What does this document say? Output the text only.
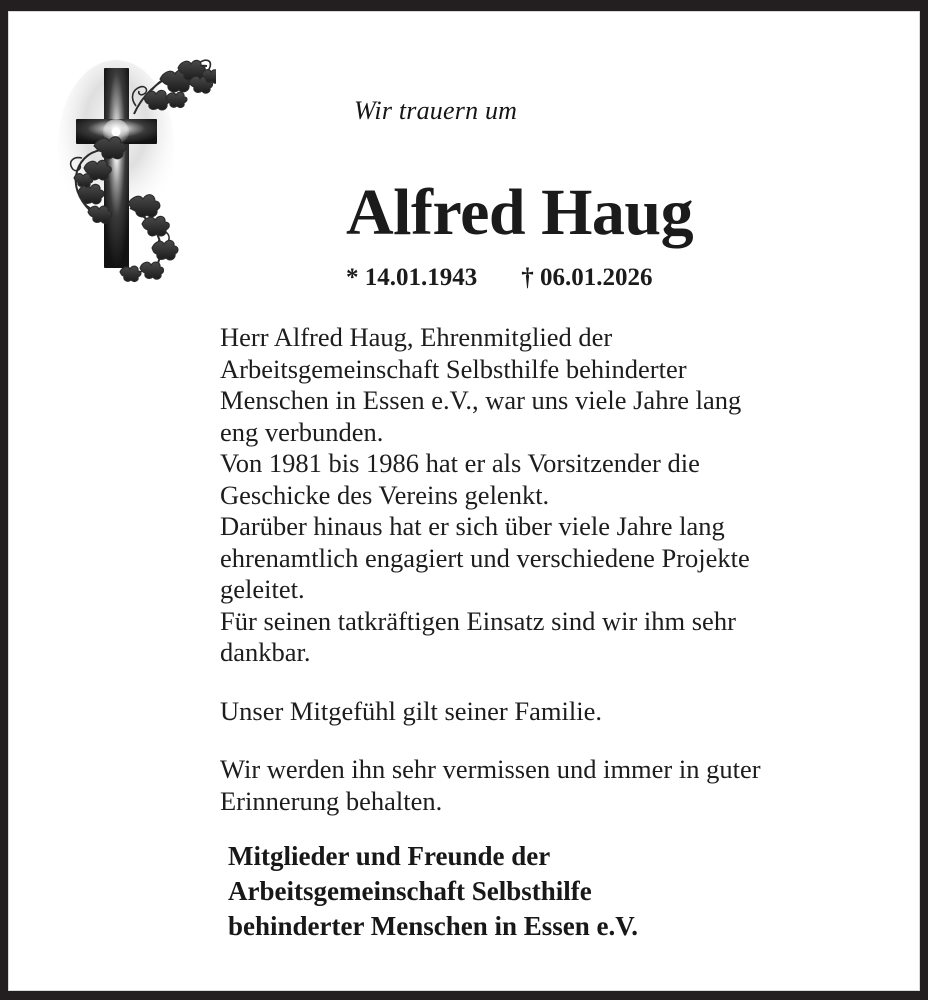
Wir trauern um
Alfred Haug
* 14.01.1943 † 06.01.2026

Herr Alfred Haug, Ehrenmitglied der
Arbeitsgemeinschaft Selbsthilfe behinderter
Menschen in Essen e.V., war uns viele Jahre lang
eng verbunden.
Von 1981 bis 1986 hat er als Vorsitzender die
Geschicke des Vereins gelenkt.
Darüber hinaus hat er sich über viele Jahre lang
ehrenamtlich engagiert und verschiedene Projekte
geleitet.
Für seinen tatkräftigen Einsatz sind wir ihm sehr
dankbar.

Unser Mitgefühl gilt seiner Familie.

Wir werden ihn sehr vermissen und immer in guter
Erinnerung behalten.

Mitglieder und Freunde der
Arbeitsgemeinschaft Selbsthilfe
behinderter Menschen in Essen e.V.
